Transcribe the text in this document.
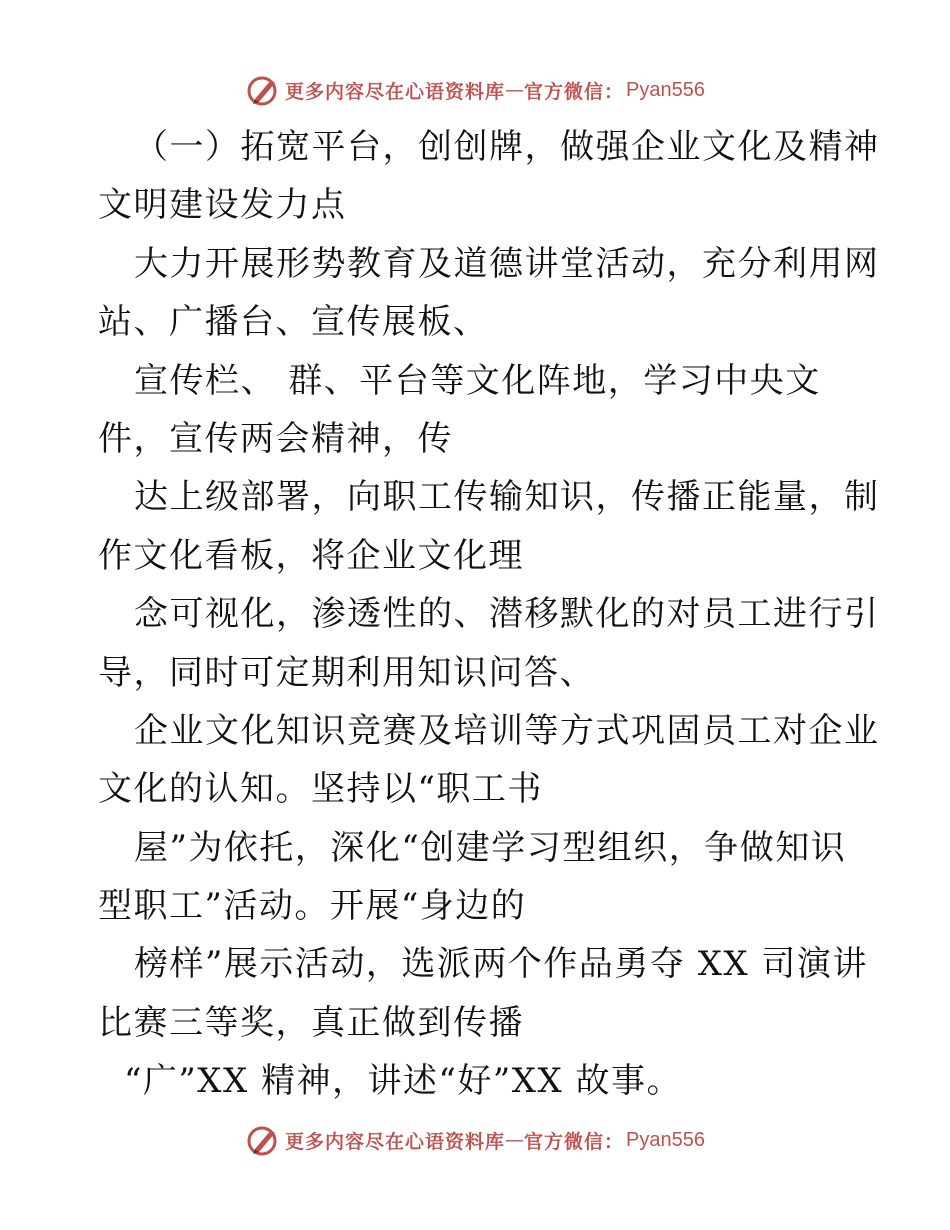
更多内容尽在心语资料库 — 官方微信： Pyan556
（一）拓宽平台，创创牌，做强企业文化及精神
文明建设发力点
大力开展形势教育及道德讲堂活动，充分利用网
站、广播台、宣传展板、
宣传栏、 群、平台等文化阵地，学习中央文
件，宣传两会精神，传
达上级部署，向职工传输知识，传播正能量，制
作文化看板，将企业文化理
念可视化，渗透性的、潜移默化的对员工进行引
导，同时可定期利用知识问答、
企业文化知识竞赛及培训等方式巩固员工对企业
文化的认知。坚持以“职工书
屋”为依托，深化“创建学习型组织，争做知识
型职工”活动。开展“身边的
榜样”展示活动，选派两个作品勇夺 XX 司演讲
比赛三等奖，真正做到传播
“广”XX 精神，讲述“好”XX 故事。
更多内容尽在心语资料库 — 官方微信： Pyan556
